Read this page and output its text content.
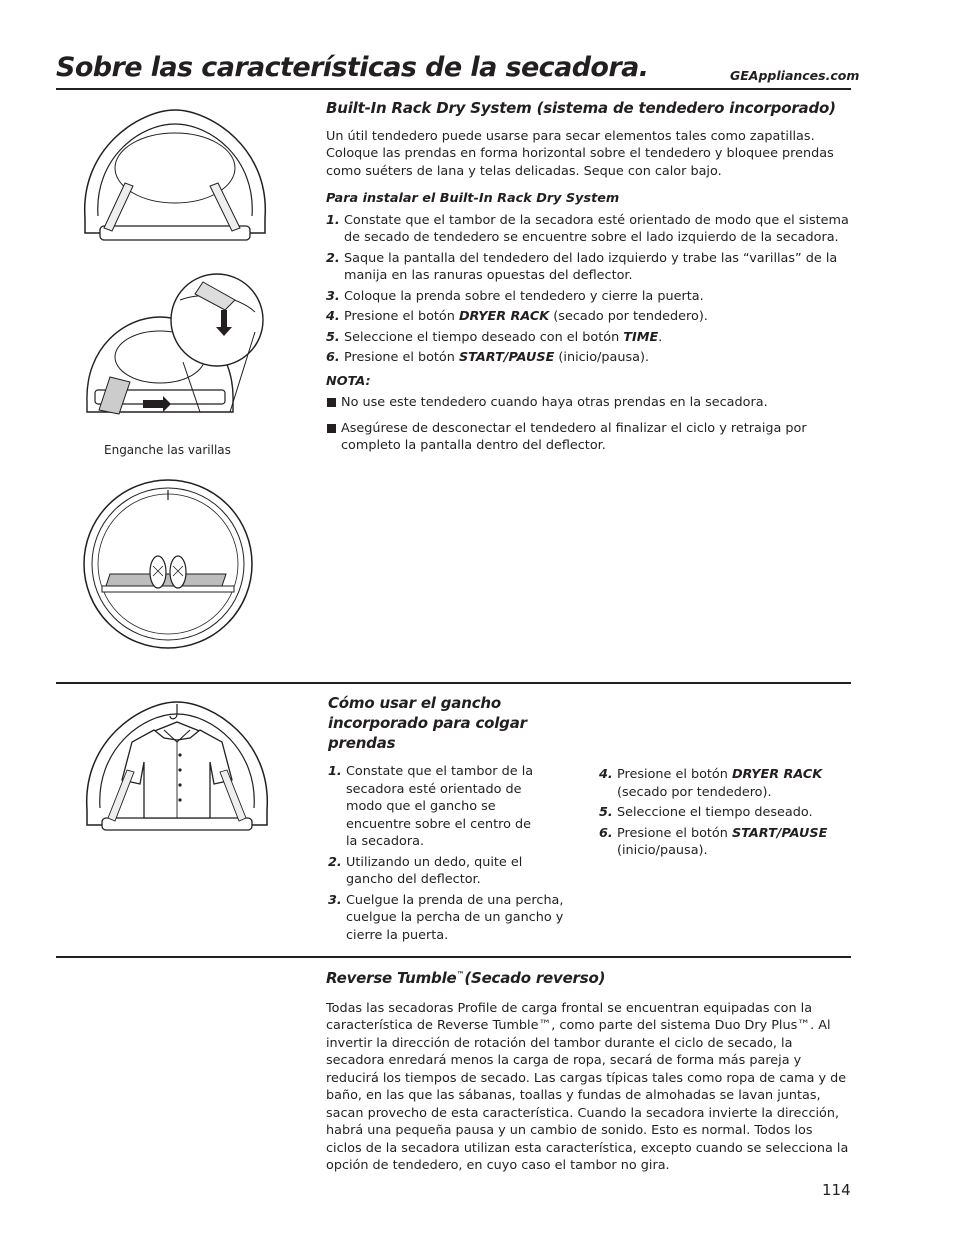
Sobre las características de la secadora.	GEAppliances.com
Enganche las varillas
Built-In Rack Dry System (sistema de tendedero incorporado)

Un útil tendedero puede usarse para secar elementos tales como zapatillas. Coloque las prendas en forma horizontal sobre el tendedero y bloquee prendas como suéters de lana y telas delicadas. Seque con calor bajo.

Para instalar el Built-In Rack Dry System
1. Constate que el tambor de la secadora esté orientado de modo que el sistema de secado de tendedero se encuentre sobre el lado izquierdo de la secadora.
2. Saque la pantalla del tendedero del lado izquierdo y trabe las “varillas” de la manija en las ranuras opuestas del deflector.
3. Coloque la prenda sobre el tendedero y cierre la puerta.
4. Presione el botón DRYER RACK (secado por tendedero).
5. Seleccione el tiempo deseado con el botón TIME.
6. Presione el botón START/PAUSE (inicio/pausa).
NOTA:
No use este tendedero cuando haya otras prendas en la secadora.
Asegúrese de desconectar el tendedero al finalizar el ciclo y retraiga por completo la pantalla dentro del deflector.
Cómo usar el gancho incorporado para colgar prendas
1. Constate que el tambor de la secadora esté orientado de modo que el gancho se encuentre sobre el centro de la secadora.
2. Utilizando un dedo, quite el gancho del deflector.
3. Cuelgue la prenda de una percha, cuelgue la percha de un gancho y cierre la puerta.
4. Presione el botón DRYER RACK (secado por tendedero).
5. Seleccione el tiempo deseado.
6. Presione el botón START/PAUSE (inicio/pausa).
Reverse Tumble™(Secado reverso)

Todas las secadoras Profile de carga frontal se encuentran equipadas con la característica de Reverse Tumble™, como parte del sistema Duo Dry Plus™. Al invertir la dirección de rotación del tambor durante el ciclo de secado, la secadora enredará menos la carga de ropa, secará de forma más pareja y reducirá los tiempos de secado. Las cargas típicas tales como ropa de cama y de baño, en las que las sábanas, toallas y fundas de almohadas se lavan juntas, sacan provecho de esta característica. Cuando la secadora invierte la dirección, habrá una pequeña pausa y un cambio de sonido. Esto es normal. Todos los ciclos de la secadora utilizan esta característica, excepto cuando se selecciona la opción de tendedero, en cuyo caso el tambor no gira.

114
